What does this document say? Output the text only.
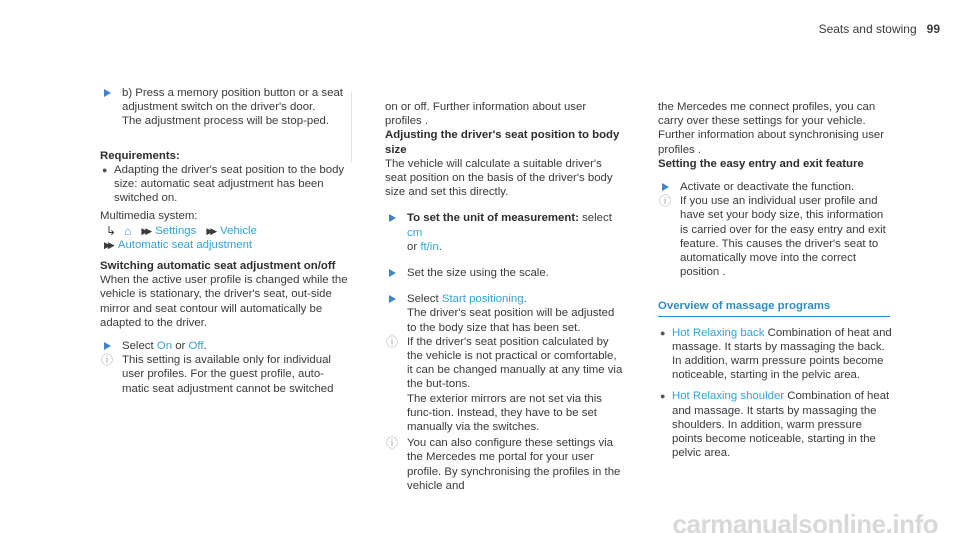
Seats and stowing 99
b) Press a memory position button or a seat adjustment switch on the driver's door.
The adjustment process will be stop-ped.
Requirements:
● Adapting the driver's seat position to the body size: automatic seat adjustment has been switched on.
Multimedia system:
↳ ⌂ ▶▶ Settings ▶▶ Vehicle
▶▶ Automatic seat adjustment
Switching automatic seat adjustment on/off
When the active user profile is changed while the vehicle is stationary, the driver's seat, out-side mirror and seat contour will automatically be adapted to the driver.
Select On or Off.
ⓘ This setting is available only for individual user profiles. For the guest profile, auto-matic seat adjustment cannot be switched
on or off. Further information about user profiles .
Adjusting the driver's seat position to body size
The vehicle will calculate a suitable driver's seat position on the basis of the driver's body size and set this directly.
To set the unit of measurement: select cm
or ft/in.
Set the size using the scale.
Select Start positioning.
The driver's seat position will be adjusted to the body size that has been set.
ⓘ If the driver's seat position calculated by the vehicle is not practical or comfortable, it can be changed manually at any time via the but-tons.
The exterior mirrors are not set via this func-tion. Instead, they have to be set manually via the switches.
ⓘ You can also configure these settings via the Mercedes me portal for your user profile. By synchronising the profiles in the vehicle and
the Mercedes me connect profiles, you can carry over these settings for your vehicle. Further information about synchronising user profiles .
Setting the easy entry and exit feature
Activate or deactivate the function.
ⓘ If you use an individual user profile and have set your body size, this information is carried over for the easy entry and exit feature. This causes the driver's seat to automatically move into the correct position .
Overview of massage programs
● Hot Relaxing back Combination of heat and massage. It starts by massaging the back. In addition, warm pressure points become noticeable, starting in the pelvic area.
● Hot Relaxing shoulder Combination of heat and massage. It starts by massaging the shoulders. In addition, warm pressure points become noticeable, starting in the pelvic area.
carmanualsonline.info
